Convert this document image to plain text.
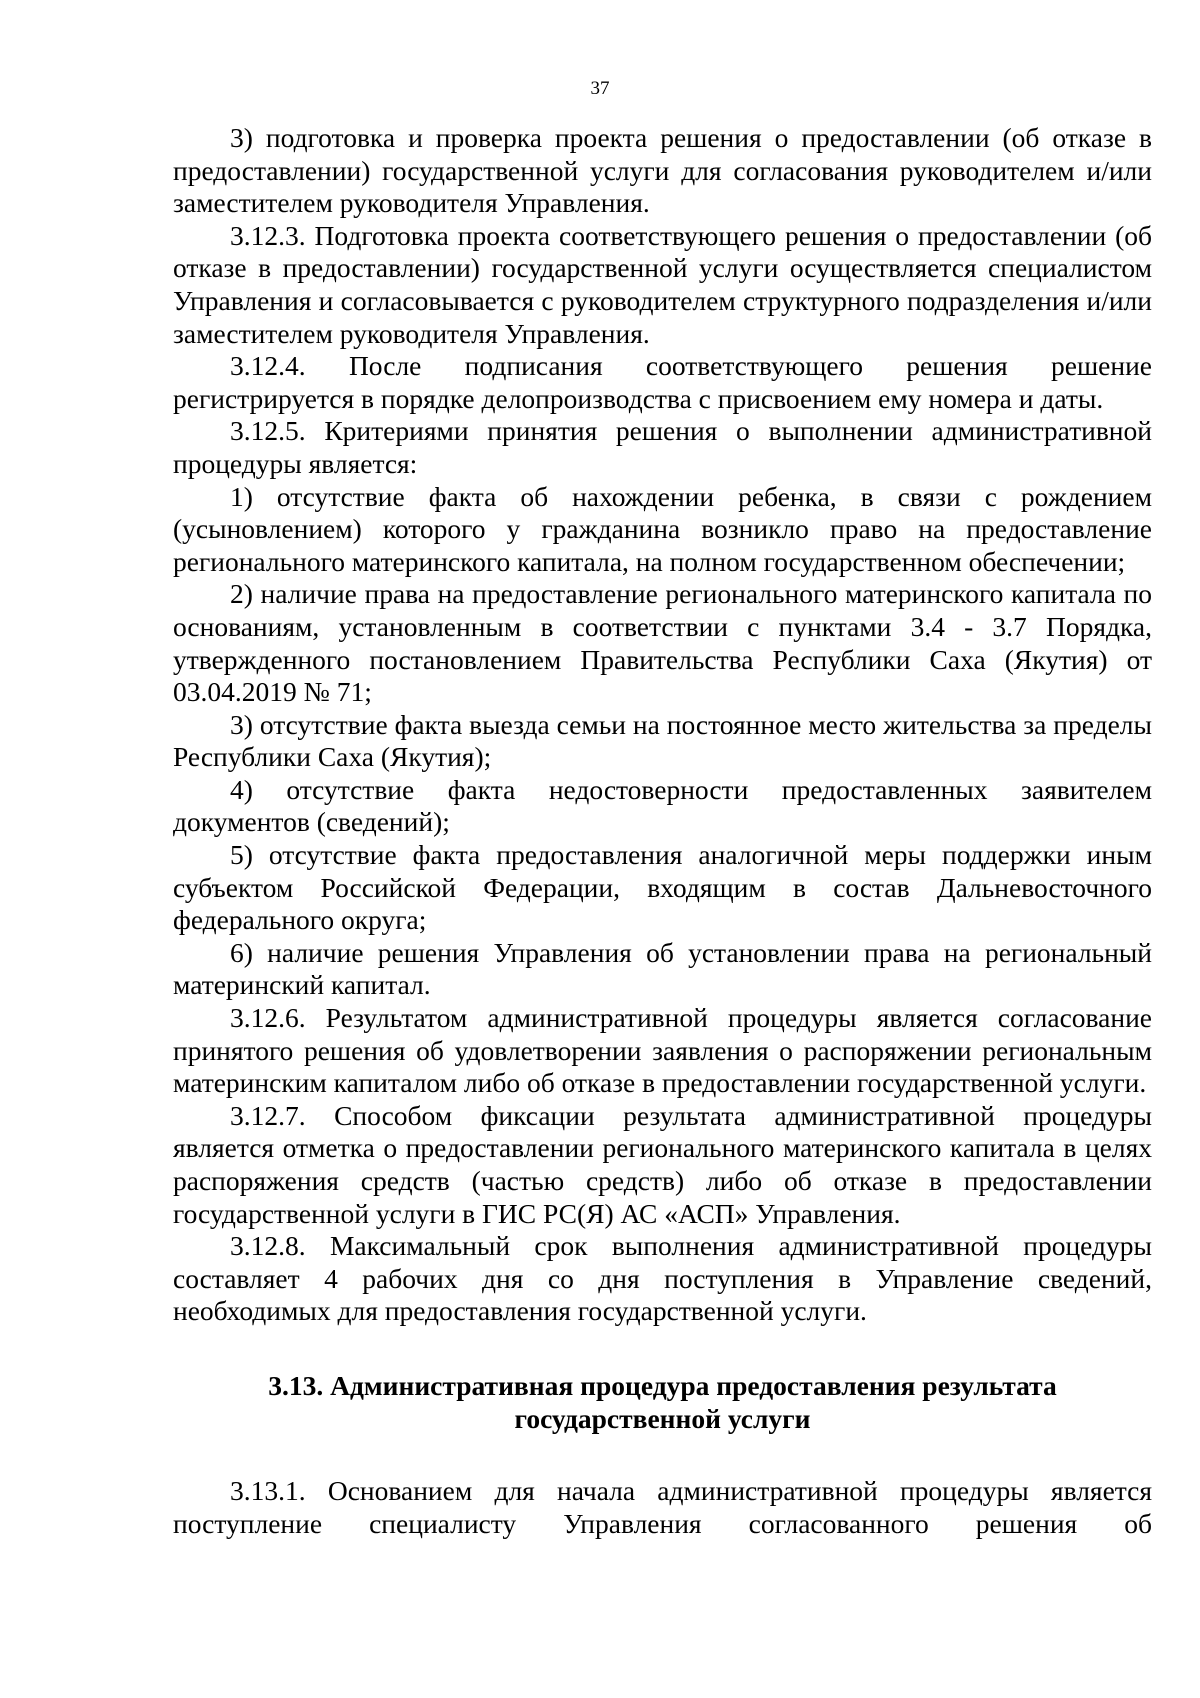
37

3) подготовка и проверка проекта решения о предоставлении (об отказе в предоставлении) государственной услуги для согласования руководителем и/или заместителем руководителя Управления.

3.12.3. Подготовка проекта соответствующего решения о предоставлении (об отказе в предоставлении) государственной услуги осуществляется специалистом Управления и согласовывается с руководителем структурного подразделения и/или заместителем руководителя Управления.

3.12.4. После подписания соответствующего решения решение регистрируется в порядке делопроизводства с присвоением ему номера и даты.

3.12.5. Критериями принятия решения о выполнении административной процедуры является:

1) отсутствие факта об нахождении ребенка, в связи с рождением (усыновлением) которого у гражданина возникло право на предоставление регионального материнского капитала, на полном государственном обеспечении;

2) наличие права на предоставление регионального материнского капитала по основаниям, установленным в соответствии с пунктами 3.4 - 3.7 Порядка, утвержденного постановлением Правительства Республики Саха (Якутия) от 03.04.2019 № 71;

3) отсутствие факта выезда семьи на постоянное место жительства за пределы Республики Саха (Якутия);

4) отсутствие факта недостоверности предоставленных заявителем документов (сведений);

5) отсутствие факта предоставления аналогичной меры поддержки иным субъектом Российской Федерации, входящим в состав Дальневосточного федерального округа;

6) наличие решения Управления об установлении права на региональный материнский капитал.

3.12.6. Результатом административной процедуры является согласование принятого решения об удовлетворении заявления о распоряжении региональным материнским капиталом либо об отказе в предоставлении государственной услуги.

3.12.7. Способом фиксации результата административной процедуры является отметка о предоставлении регионального материнского капитала в целях распоряжения средств (частью средств) либо об отказе в предоставлении государственной услуги в ГИС РС(Я) АС «АСП» Управления.

3.12.8. Максимальный срок выполнения административной процедуры составляет 4 рабочих дня со дня поступления в Управление сведений, необходимых для предоставления государственной услуги.

3.13. Административная процедура предоставления результата
государственной услуги

3.13.1. Основанием для начала административной процедуры является поступление специалисту Управления согласованного решения об
